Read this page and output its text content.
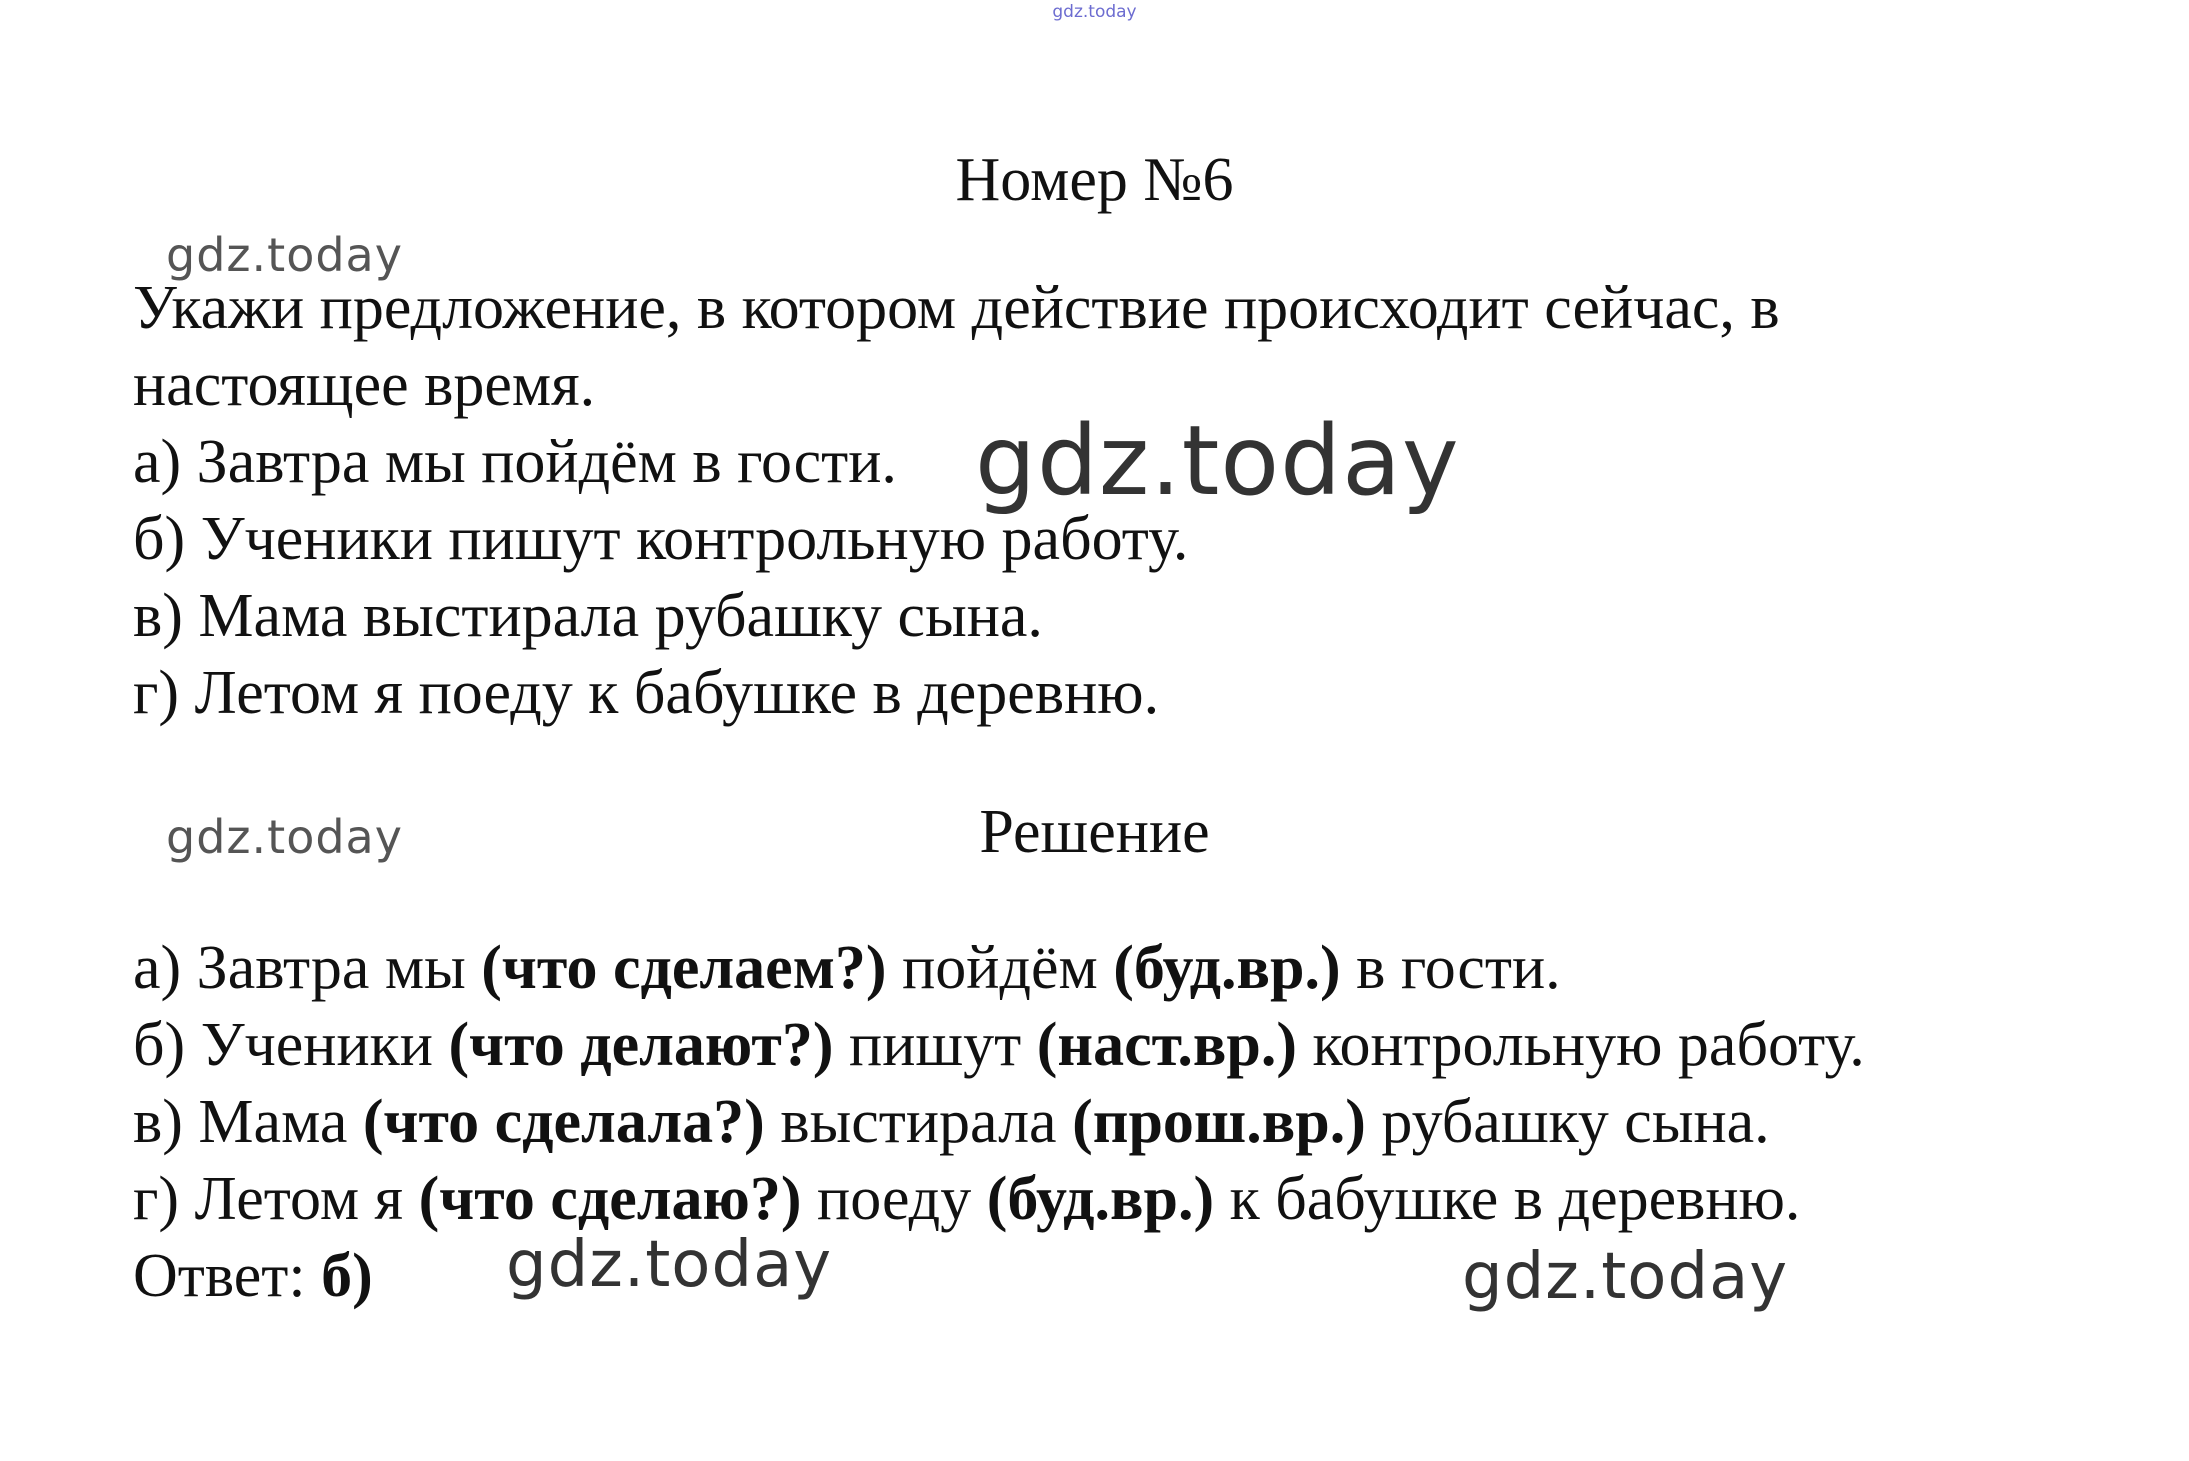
gdz.today
Номер №6
gdz.today
Укажи предложение, в котором действие происходит сейчас, в
настоящее время.
а) Завтра мы пойдём в гости. gdz.today
б) Ученики пишут контрольную работу.
в) Мама выстирала рубашку сына.
г) Летом я поеду к бабушке в деревню.
gdz.today	Решение
а) Завтра мы (что сделаем?) пойдём (буд.вр.) в гости.
б) Ученики (что делают?) пишут (наст.вр.) контрольную работу.
в) Мама (что сделала?) выстирала (прош.вр.) рубашку сына.
г) Летом я (что сделаю?) поеду (буд.вр.) к бабушке в деревню.
Ответ: б) gdz.today	gdz.today
